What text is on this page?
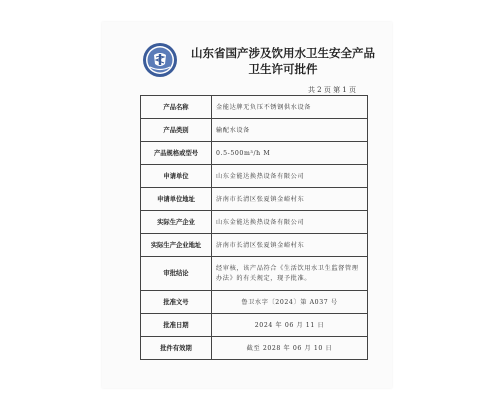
山东省国产涉及饮用水卫生安全产品
卫生许可批件
共 2 页 第 1 页
产品名称	金能达牌无负压不锈钢供水设备
产品类别	输配水设备
产品规格或型号	0.5-500m³/h M
申请单位	山东金能达换热设备有限公司
申请单位地址	济南市长清区张夏镇金峪村东
实际生产企业	山东金能达换热设备有限公司
实际生产企业地址	济南市长清区张夏镇金峪村东
审批结论	经审核，该产品符合《生活饮用水卫生监督管理办法》的有关规定，现予批准。
批准文号	鲁卫水字〔2024〕第 A037 号
批准日期	2024 年 06 月 11 日
批件有效期	截至 2028 年 06 月 10 日
